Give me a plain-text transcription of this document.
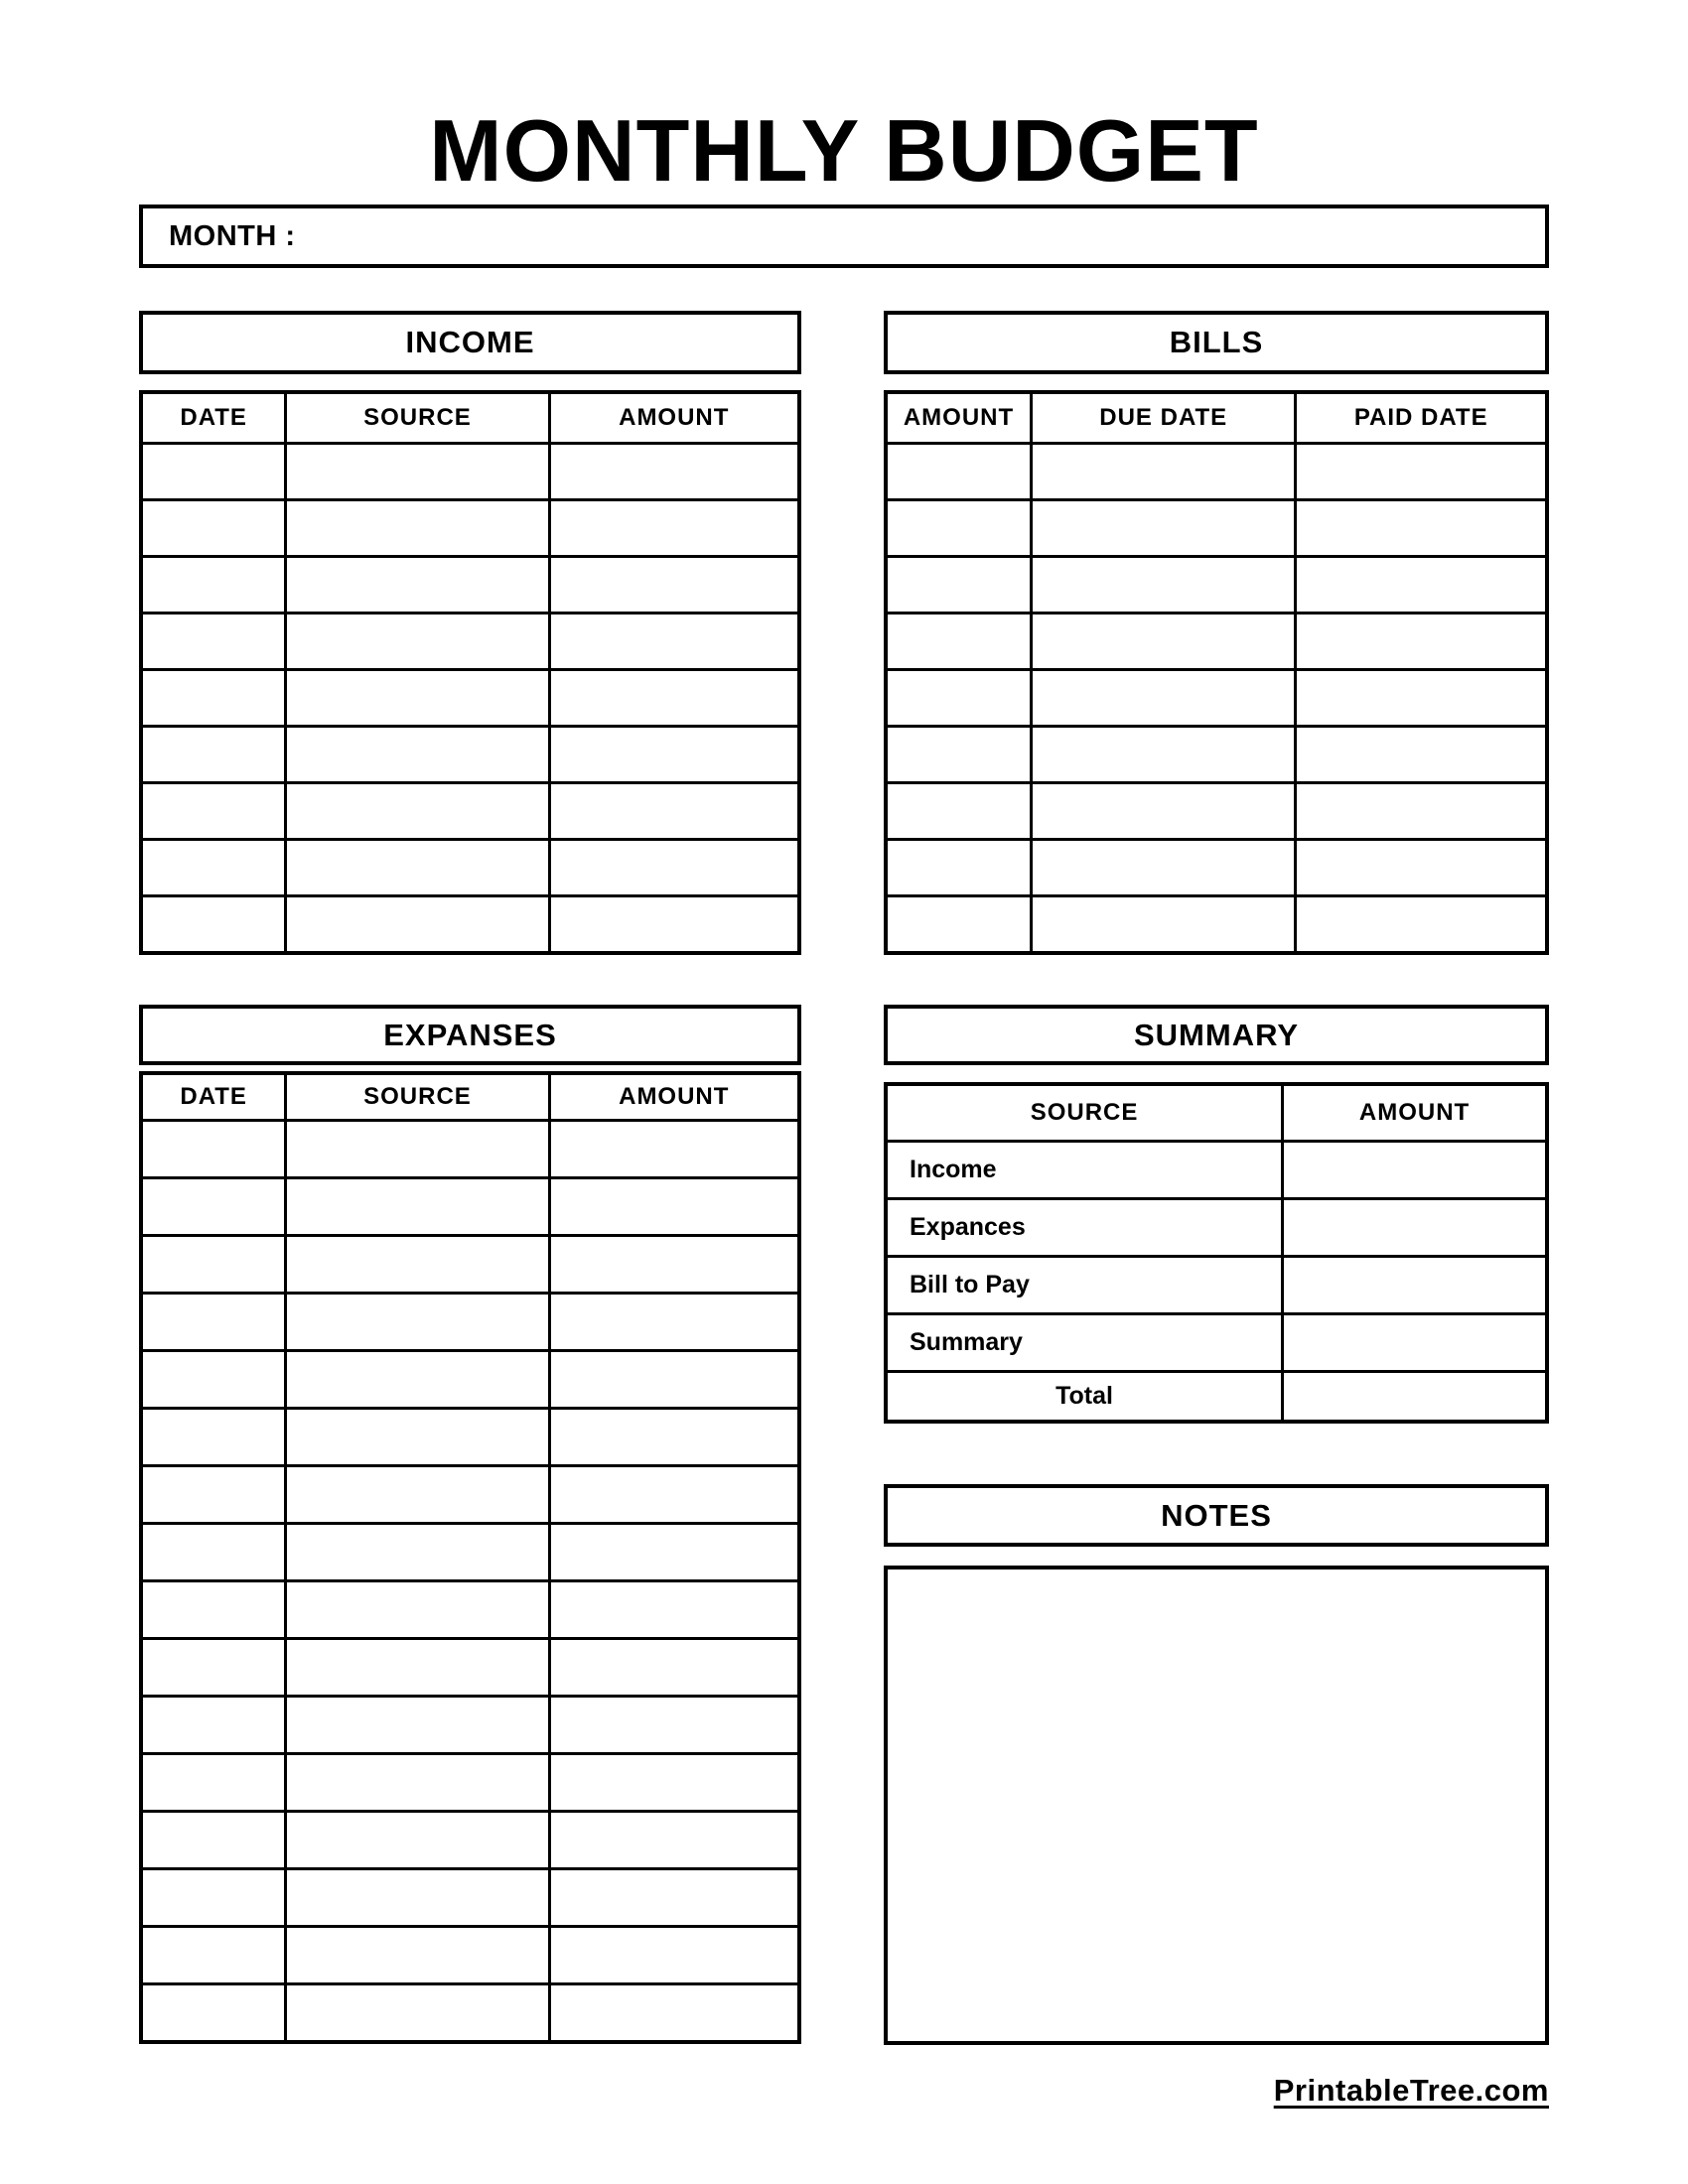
MONTHLY BUDGET
MONTH :
INCOME	BILLS
DATE	SOURCE	AMOUNT

			AMOUNT	DUE DATE	PAID DATE

EXPANSES	SUMMARY
DATE	SOURCE	AMOUNT

SOURCE	AMOUNT
Income	
Expances	
Bill to Pay	
Summary	
Total	
NOTES
PrintableTree.com
